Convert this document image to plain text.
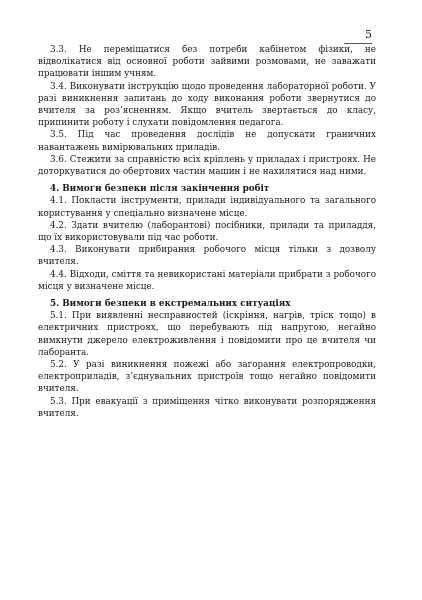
5

3.3. Не переміщатися без потреби кабінетом фізики, не відволікатися від основної роботи зайвими розмовами, не заважати працювати іншим учням.

3.4. Виконувати інструкцію щодо проведення лабораторної роботи. У разі виникнення запитань до ходу виконання роботи звернутися до вчителя за роз’ясненням. Якщо вчитель звертається до класу, припинити роботу і слухати повідомлення педагога.

3.5. Під час проведення дослідів не допускати граничних навантажень вимірювальних приладів.

3.6. Стежити за справністю всіх кріплень у приладах і пристроях. Не доторкуватися до обертових частин машин і не нахилятися над ними.

4. Вимоги безпеки після закінчення робіт

4.1. Покласти інструменти, прилади індивідуального та загального користування у спеціально визначене місце.

4.2. Здати вчителю (лаборантові) посібники, прилади та приладдя, що їх використовували під час роботи.

4.3. Виконувати прибирання робочого місця тільки з дозволу вчителя.

4.4. Відходи, сміття та невикористані матеріали прибрати з робочого місця у визначене місце.

5. Вимоги безпеки в екстремальних ситуаціях

5.1. При виявленні несправностей (іскріння, нагрів, тріск тощо) в електричних пристроях, що перебувають під напругою, негайно вимкнути джерело електроживлення і повідомити про це вчителя чи лаборанта.

5.2. У разі виникнення пожежі або загорання електропроводки, електроприладів, з’єднувальних пристроїв тощо негайно повідомити вчителя.

5.3. При евакуації з приміщення чітко виконувати розпорядження вчителя.
